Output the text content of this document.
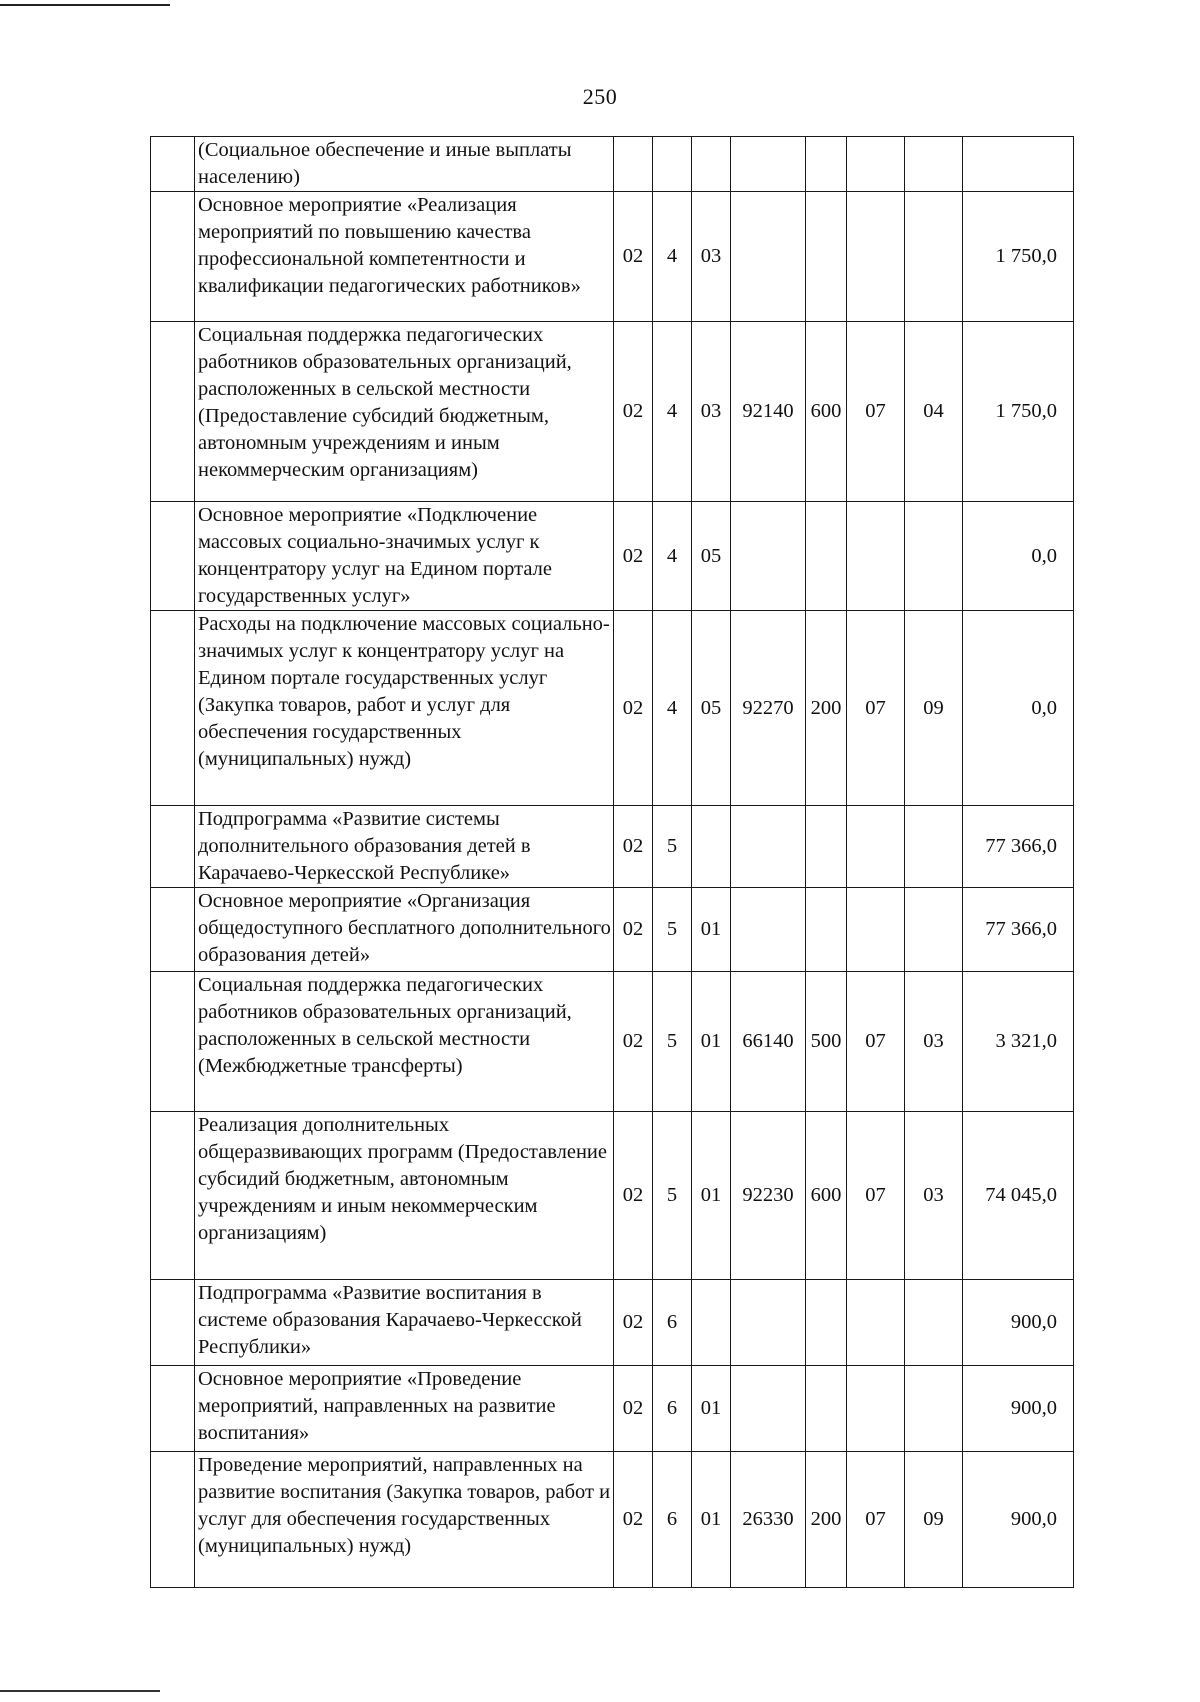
250
	(Социальное обеспечение и иные выплаты населению)								
	Основное мероприятие «Реализация мероприятий по повышению качества профессиональной компетентности и квалификации педагогических работников»	02	4	03					1 750,0
	Социальная поддержка педагогических работников образовательных организаций, расположенных в сельской местности (Предоставление субсидий бюджетным, автономным учреждениям и иным некоммерческим организациям)	02	4	03	92140	600	07	04	1 750,0
	Основное мероприятие «Подключение массовых социально-значимых услуг к концентратору услуг на Едином портале государственных услуг»	02	4	05					0,0
	Расходы на подключение массовых социально-значимых услуг к концентратору услуг на Едином портале государственных услуг (Закупка товаров, работ и услуг для обеспечения государственных (муниципальных) нужд)	02	4	05	92270	200	07	09	0,0
	Подпрограмма «Развитие системы дополнительного образования детей в Карачаево-Черкесской Республике»	02	5						77 366,0
	Основное мероприятие «Организация общедоступного бесплатного дополнительного образования детей»	02	5	01					77 366,0
	Социальная поддержка педагогических работников образовательных организаций, расположенных в сельской местности (Межбюджетные трансферты)	02	5	01	66140	500	07	03	3 321,0
	Реализация дополнительных общеразвивающих программ (Предоставление субсидий бюджетным, автономным учреждениям и иным некоммерческим организациям)	02	5	01	92230	600	07	03	74 045,0
	Подпрограмма «Развитие воспитания в системе образования Карачаево-Черкесской Республики»	02	6						900,0
	Основное мероприятие «Проведение мероприятий, направленных на развитие воспитания»	02	6	01					900,0
	Проведение мероприятий, направленных на развитие воспитания (Закупка товаров, работ и услуг для обеспечения государственных (муниципальных) нужд)	02	6	01	26330	200	07	09	900,0
